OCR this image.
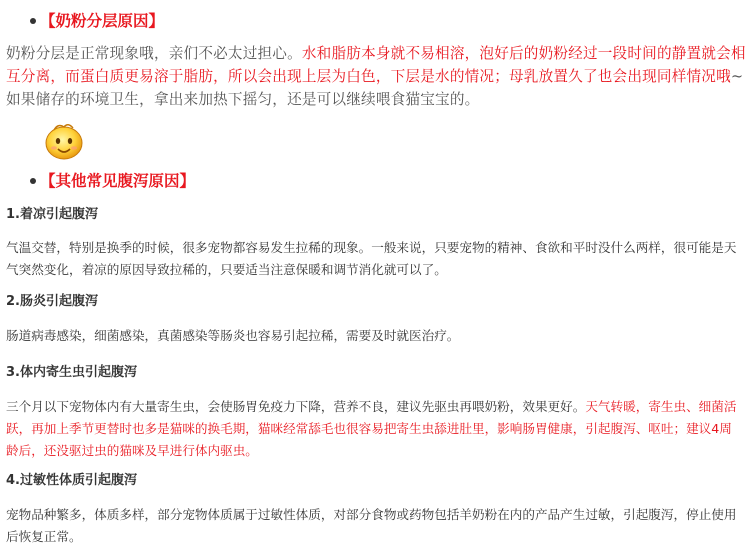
【奶粉分层原因】
奶粉分层是正常现象哦，亲们不必太过担心。水和脂肪本身就不易相溶，泡好后的奶粉经过一段时间的静置就会相互分离，而蛋白质更易溶于脂肪，所以会出现上层为白色，下层是水的情况；母乳放置久了也会出现同样情况哦~如果储存的环境卫生，拿出来加热下摇匀，还是可以继续喂食猫宝宝的。
【其他常见腹泻原因】
1.着凉引起腹泻
气温交替，特别是换季的时候，很多宠物都容易发生拉稀的现象。一般来说，只要宠物的精神、食欲和平时没什么两样，很可能是天气突然变化，着凉的原因导致拉稀的，只要适当注意保暖和调节消化就可以了。
2.肠炎引起腹泻
肠道病毒感染，细菌感染，真菌感染等肠炎也容易引起拉稀，需要及时就医治疗。
3.体内寄生虫引起腹泻
三个月以下宠物体内有大量寄生虫，会使肠胃免疫力下降，营养不良，建议先驱虫再喂奶粉，效果更好。天气转暖，寄生虫、细菌活跃，再加上季节更替时也多是猫咪的换毛期，猫咪经常舔毛也很容易把寄生虫舔进肚里，影响肠胃健康，引起腹泻、呕吐；建议4周龄后，还没驱过虫的猫咪及早进行体内驱虫。
4.过敏性体质引起腹泻
宠物品种繁多，体质多样，部分宠物体质属于过敏性体质，对部分食物或药物包括羊奶粉在内的产品产生过敏，引起腹泻，停止使用后恢复正常。
